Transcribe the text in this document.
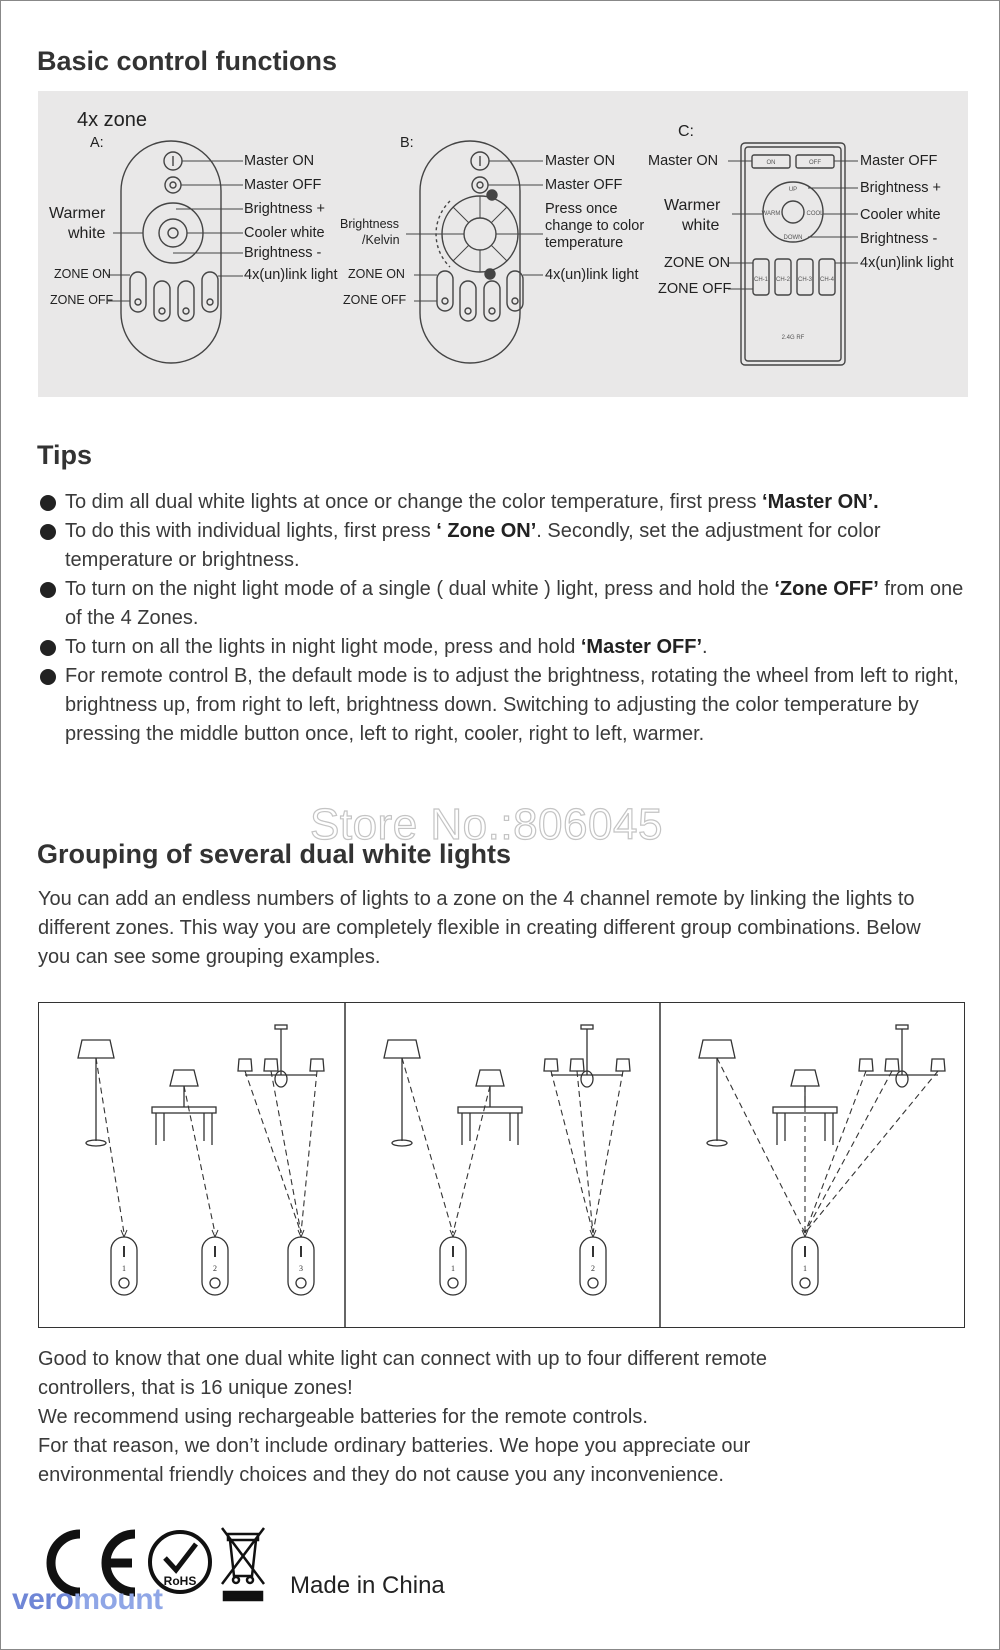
Basic control functions
ON	OFF
UP
WARM	COOL
DOWN
CH-1 CH-2 CH-3 CH-4
2.4G RF
4x zone
A:
Master ON
Master OFF
Brightness +
Cooler white
Brightness -
4x(un)link light
Warmer
white
ZONE ON
ZONE OFF
B:
Master ON
Master OFF
Press once
change to color
temperature
4x(un)link light
Brightness
/Kelvin
ZONE ON
ZONE OFF
C:
Master ON	Master OFF
Brightness +
Cooler white
Brightness -
4x(un)link light
Warmer
white
ZONE ON
ZONE OFF
Tips
To dim all dual white lights at once or change the color temperature, first press ‘Master ON’.
To do this with individual lights, first press ‘ Zone ON’. Secondly, set the adjustment for color temperature or brightness.
To turn on the night light mode of a single ( dual white ) light, press and hold the ‘Zone OFF’ from one of the 4 Zones.
To turn on all the lights in night light mode, press and hold ‘Master OFF’.
For remote control B, the default mode is to adjust the brightness, rotating the wheel from left to right, brightness up, from right to left, brightness down. Switching to adjusting the color temperature by pressing the middle button once, left to right, cooler, right to left, warmer.
Store No.:806045
Grouping of several dual white lights
You can add an endless numbers of lights to a zone on the 4 channel remote by linking the lights to different zones. This way you are completely flexible in creating different group combinations. Below you can see some grouping examples.
1	2	3	1	2	1
Good to know that one dual white light can connect with up to four different remote controllers, that is 16 unique zones!
We recommend using rechargeable batteries for the remote controls.
For that reason, we don’t include ordinary batteries. We hope you appreciate our environmental friendly choices and they do not cause you any inconvenience.
RoHS	Made in China
veromount
